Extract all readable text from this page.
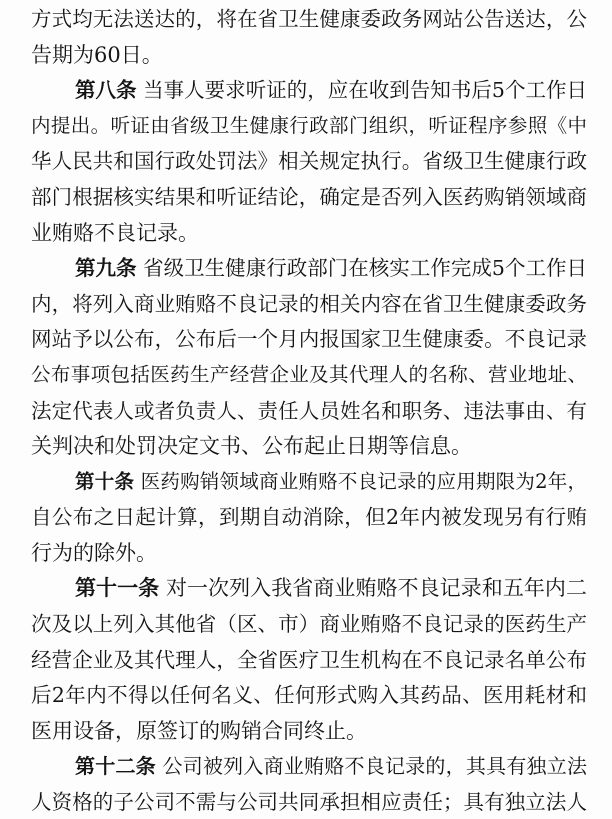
方式均无法送达的，将在省卫生健康委政务网站公告送达，公
告期为60日。
第八条 当事人要求听证的，应在收到告知书后5个工作日
内提出。听证由省级卫生健康行政部门组织，听证程序参照《中
华人民共和国行政处罚法》相关规定执行。省级卫生健康行政
部门根据核实结果和听证结论，确定是否列入医药购销领域商
业贿赂不良记录。
第九条 省级卫生健康行政部门在核实工作完成5个工作日
内，将列入商业贿赂不良记录的相关内容在省卫生健康委政务
网站予以公布，公布后一个月内报国家卫生健康委。不良记录
公布事项包括医药生产经营企业及其代理人的名称、营业地址、
法定代表人或者负责人、责任人员姓名和职务、违法事由、有
关判决和处罚决定文书、公布起止日期等信息。
第十条 医药购销领域商业贿赂不良记录的应用期限为2年，
自公布之日起计算，到期自动消除，但2年内被发现另有行贿
行为的除外。
第十一条 对一次列入我省商业贿赂不良记录和五年内二
次及以上列入其他省（区、市）商业贿赂不良记录的医药生产
经营企业及其代理人，全省医疗卫生机构在不良记录名单公布
后2年内不得以任何名义、任何形式购入其药品、医用耗材和
医用设备，原签订的购销合同终止。
第十二条 公司被列入商业贿赂不良记录的，其具有独立法
人资格的子公司不需与公司共同承担相应责任；具有独立法人
